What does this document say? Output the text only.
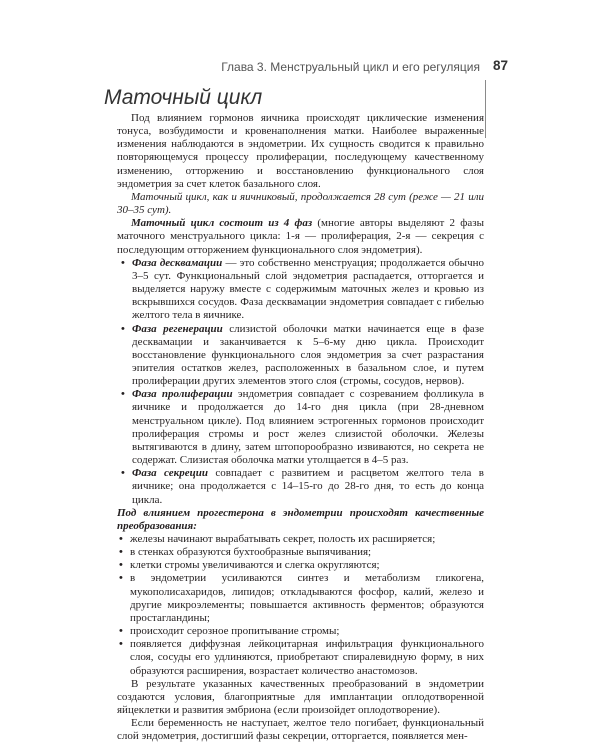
Глава 3. Менструальный цикл и его регуляция 87
Маточный цикл

Под влиянием гормонов яичника происходят циклические изменения тонуса, возбудимости и кровенаполнения матки. Наиболее выраженные изменения наблюдаются в эндометрии. Их сущность сводится к правильно повторяющемуся процессу пролиферации, последующему качественному изменению, отторжению и восстановлению функционального слоя эндометрия за счет клеток базального слоя.

Маточный цикл, как и яичниковый, продолжается 28 сут (реже — 21 или 30–35 сут).

Маточный цикл состоит из 4 фаз (многие авторы выделяют 2 фазы маточного менструального цикла: 1-я — пролиферация, 2-я — секреция с последующим отторжением функционального слоя эндометрия).

• Фаза десквамации — это собственно менструация; продолжается обычно 3–5 сут. Функциональный слой эндометрия распадается, отторгается и выделяется наружу вместе с содержимым маточных желез и кровью из вскрывшихся сосудов. Фаза десквамации эндометрия совпадает с гибелью желтого тела в яичнике.
• Фаза регенерации слизистой оболочки матки начинается еще в фазе десквамации и заканчивается к 5–6-му дню цикла. Происходит восстановление функционального слоя эндометрия за счет разрастания эпителия остатков желез, расположенных в базальном слое, и путем пролиферации других элементов этого слоя (стромы, сосудов, нервов).
• Фаза пролиферации эндометрия совпадает с созреванием фолликула в яичнике и продолжается до 14-го дня цикла (при 28-дневном менструальном цикле). Под влиянием эстрогенных гормонов происходит пролиферация стромы и рост желез слизистой оболочки. Железы вытягиваются в длину, затем штопорообразно извиваются, но секрета не содержат. Слизистая оболочка матки утолщается в 4–5 раз.
• Фаза секреции совпадает с развитием и расцветом желтого тела в яичнике; она продолжается с 14–15-го до 28-го дня, то есть до конца цикла.

Под влиянием прогестерона в эндометрии происходят качественные преобразования:

• железы начинают вырабатывать секрет, полость их расширяется;
• в стенках образуются бухтообразные выпячивания;
• клетки стромы увеличиваются и слегка округляются;
• в эндометрии усиливаются синтез и метаболизм гликогена, мукополисахаридов, липидов; откладываются фосфор, калий, железо и другие микроэлементы; повышается активность ферментов; образуются простагландины;
• происходит серозное пропитывание стромы;
• появляется диффузная лейкоцитарная инфильтрация функционального слоя, сосуды его удлиняются, приобретают спиралевидную форму, в них образуются расширения, возрастает количество анастомозов.

В результате указанных качественных преобразований в эндометрии создаются условия, благоприятные для имплантации оплодотворенной яйцеклетки и развития эмбриона (если произойдет оплодотворение).

Если беременность не наступает, желтое тело погибает, функциональный слой эндометрия, достигший фазы секреции, отторгается, появляется мен-
